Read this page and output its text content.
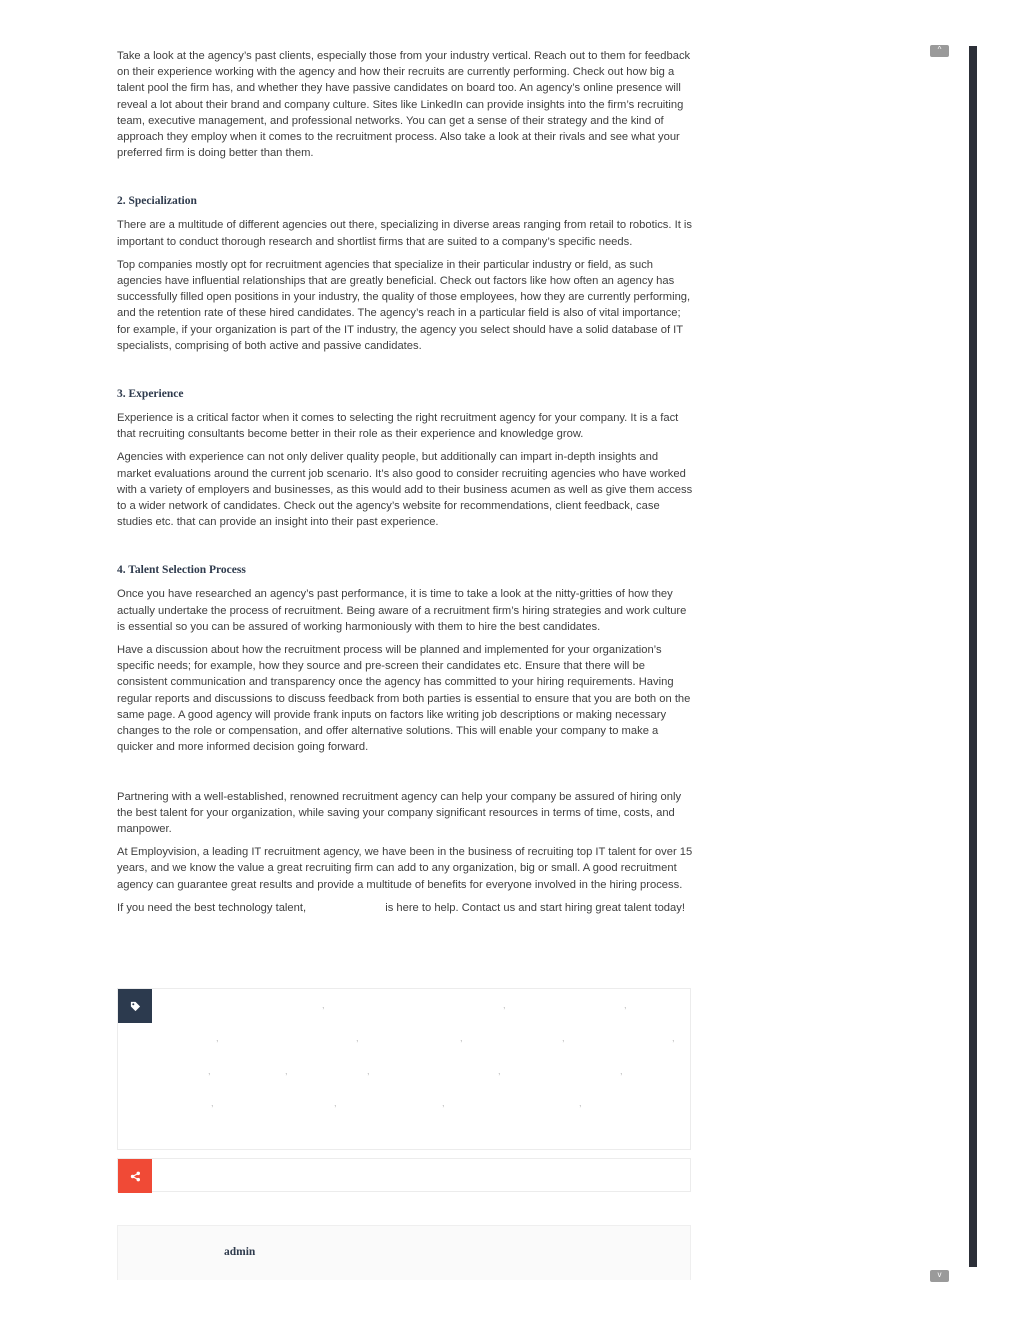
Take a look at the agency’s past clients, especially those from your industry vertical. Reach out to them for feedback on their experience working with the agency and how their recruits are currently performing. Check out how big a talent pool the firm has, and whether they have passive candidates on board too. An agency’s online presence will reveal a lot about their brand and company culture. Sites like LinkedIn can provide insights into the firm’s recruiting team, executive management, and professional networks. You can get a sense of their strategy and the kind of approach they employ when it comes to the recruitment process. Also take a look at their rivals and see what your preferred firm is doing better than them.

2. Specialization

There are a multitude of different agencies out there, specializing in diverse areas ranging from retail to robotics. It is important to conduct thorough research and shortlist firms that are suited to a company’s specific needs.

Top companies mostly opt for recruitment agencies that specialize in their particular industry or field, as such agencies have influential relationships that are greatly beneficial. Check out factors like how often an agency has successfully filled open positions in your industry, the quality of those employees, how they are currently performing, and the retention rate of these hired candidates. The agency’s reach in a particular field is also of vital importance; for example, if your organization is part of the IT industry, the agency you select should have a solid database of IT specialists, comprising of both active and passive candidates.

3. Experience

Experience is a critical factor when it comes to selecting the right recruitment agency for your company. It is a fact that recruiting consultants become better in their role as their experience and knowledge grow.

Agencies with experience can not only deliver quality people, but additionally can impart in-depth insights and market evaluations around the current job scenario. It’s also good to consider recruiting agencies who have worked with a variety of employers and businesses, as this would add to their business acumen as well as give them access to a wider network of candidates. Check out the agency’s website for recommendations, client feedback, case studies etc. that can provide an insight into their past experience.

4. Talent Selection Process

Once you have researched an agency’s past performance, it is time to take a look at the nitty-gritties of how they actually undertake the process of recruitment. Being aware of a recruitment firm’s hiring strategies and work culture is essential so you can be assured of working harmoniously with them to hire the best candidates.

Have a discussion about how the recruitment process will be planned and implemented for your organization’s specific needs; for example, how they source and pre-screen their candidates etc. Ensure that there will be consistent communication and transparency once the agency has committed to your hiring requirements. Having regular reports and discussions to discuss feedback from both parties is essential to ensure that you are both on the same page. A good agency will provide frank inputs on factors like writing job descriptions or making necessary changes to the role or compensation, and offer alternative solutions. This will enable your company to make a quicker and more informed decision going forward.

Partnering with a well-established, renowned recruitment agency can help your company be assured of hiring only the best talent for your organization, while saving your company significant resources in terms of time, costs, and manpower.

At Employvision, a leading IT recruitment agency, we have been in the business of recruiting top IT talent for over 15 years, and we know the value a great recruiting firm can add to any organization, big or small. A good recruitment agency can guarantee great results and provide a multitude of benefits for everyone involved in the hiring process.

If you need the best technology talent,	is here to help. Contact us and start hiring great talent today!

,	,	,
,	,	,	,	,
,	,	,	,	,
,	,	,	,
admin
^
v
